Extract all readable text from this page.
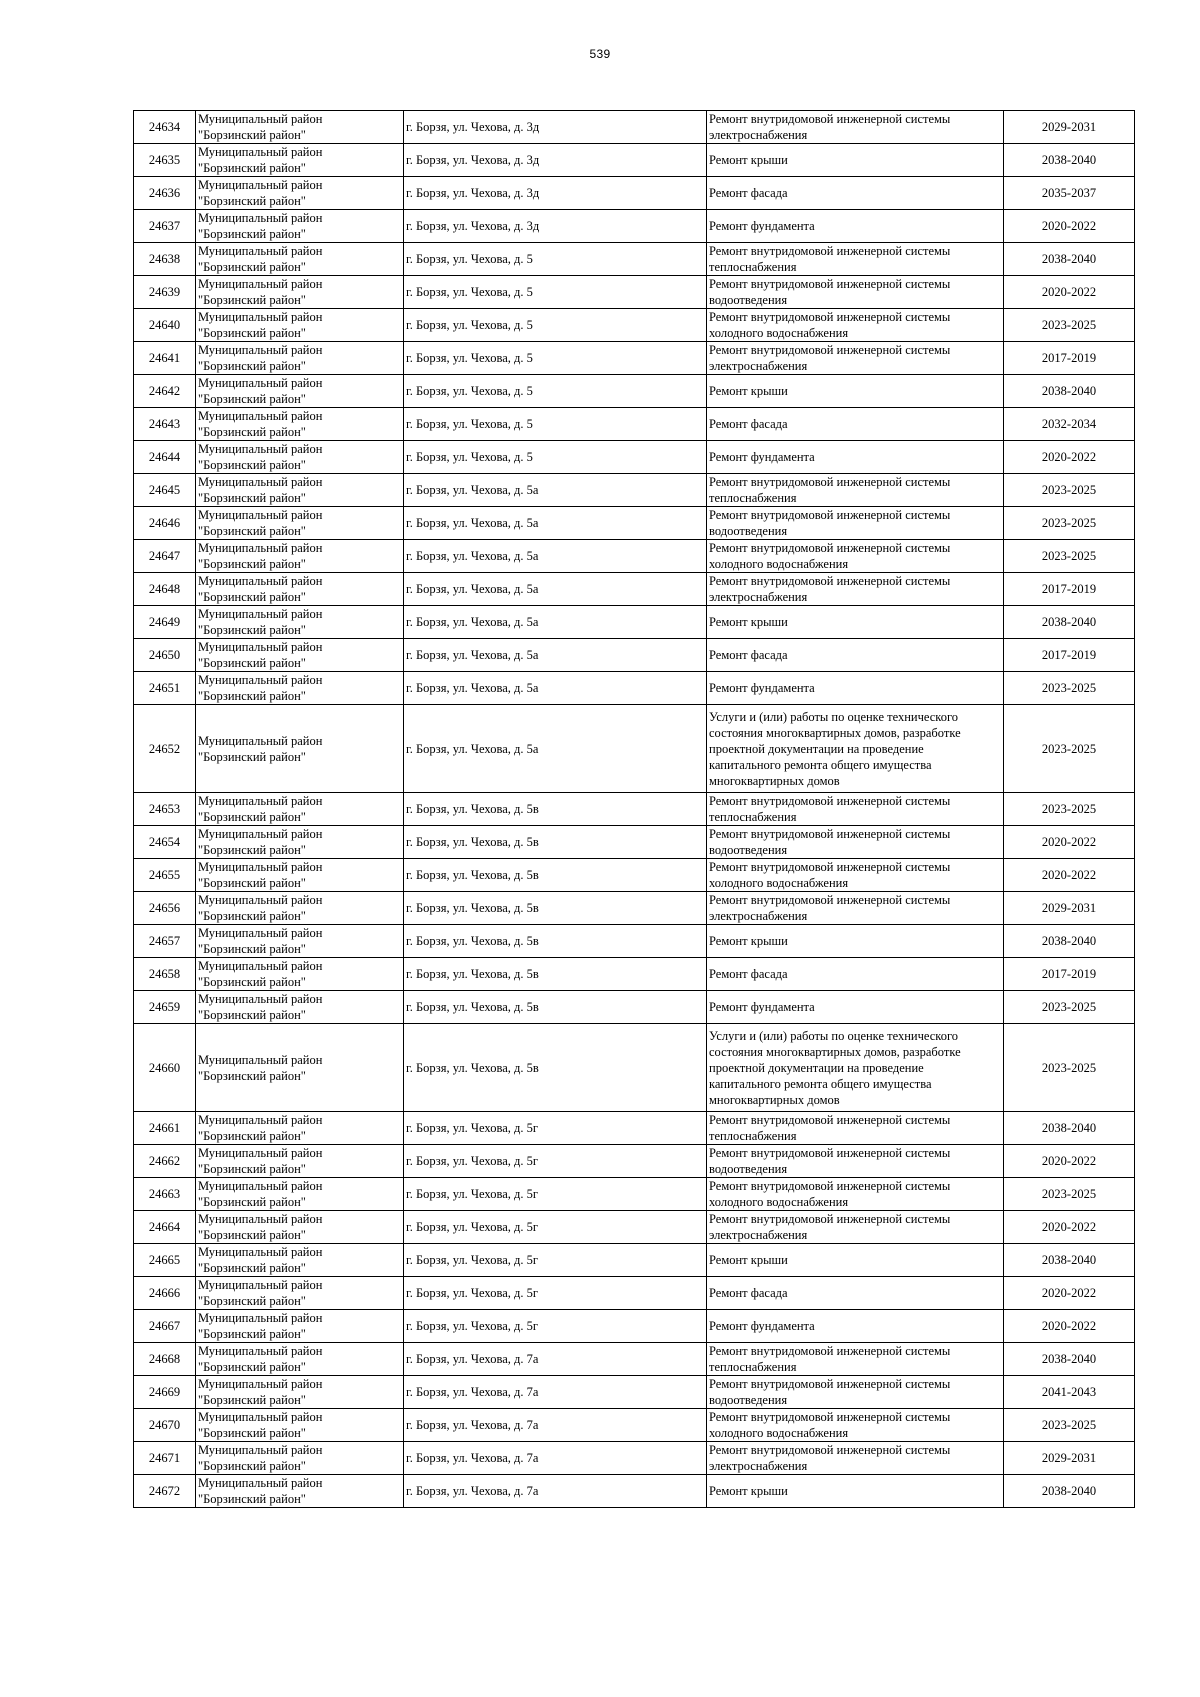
539
24634	Муниципальный район
"Борзинский район"	г. Борзя, ул. Чехова, д. 3д	Ремонт внутридомовой инженерной системы
электроснабжения	2029-2031
24635	Муниципальный район
"Борзинский район"	г. Борзя, ул. Чехова, д. 3д	Ремонт крыши	2038-2040
24636	Муниципальный район
"Борзинский район"	г. Борзя, ул. Чехова, д. 3д	Ремонт фасада	2035-2037
24637	Муниципальный район
"Борзинский район"	г. Борзя, ул. Чехова, д. 3д	Ремонт фундамента	2020-2022
24638	Муниципальный район
"Борзинский район"	г. Борзя, ул. Чехова, д. 5	Ремонт внутридомовой инженерной системы
теплоснабжения	2038-2040
24639	Муниципальный район
"Борзинский район"	г. Борзя, ул. Чехова, д. 5	Ремонт внутридомовой инженерной системы
водоотведения	2020-2022
24640	Муниципальный район
"Борзинский район"	г. Борзя, ул. Чехова, д. 5	Ремонт внутридомовой инженерной системы
холодного водоснабжения	2023-2025
24641	Муниципальный район
"Борзинский район"	г. Борзя, ул. Чехова, д. 5	Ремонт внутридомовой инженерной системы
электроснабжения	2017-2019
24642	Муниципальный район
"Борзинский район"	г. Борзя, ул. Чехова, д. 5	Ремонт крыши	2038-2040
24643	Муниципальный район
"Борзинский район"	г. Борзя, ул. Чехова, д. 5	Ремонт фасада	2032-2034
24644	Муниципальный район
"Борзинский район"	г. Борзя, ул. Чехова, д. 5	Ремонт фундамента	2020-2022
24645	Муниципальный район
"Борзинский район"	г. Борзя, ул. Чехова, д. 5а	Ремонт внутридомовой инженерной системы
теплоснабжения	2023-2025
24646	Муниципальный район
"Борзинский район"	г. Борзя, ул. Чехова, д. 5а	Ремонт внутридомовой инженерной системы
водоотведения	2023-2025
24647	Муниципальный район
"Борзинский район"	г. Борзя, ул. Чехова, д. 5а	Ремонт внутридомовой инженерной системы
холодного водоснабжения	2023-2025
24648	Муниципальный район
"Борзинский район"	г. Борзя, ул. Чехова, д. 5а	Ремонт внутридомовой инженерной системы
электроснабжения	2017-2019
24649	Муниципальный район
"Борзинский район"	г. Борзя, ул. Чехова, д. 5а	Ремонт крыши	2038-2040
24650	Муниципальный район
"Борзинский район"	г. Борзя, ул. Чехова, д. 5а	Ремонт фасада	2017-2019
24651	Муниципальный район
"Борзинский район"	г. Борзя, ул. Чехова, д. 5а	Ремонт фундамента	2023-2025
24652	Муниципальный район
"Борзинский район"	г. Борзя, ул. Чехова, д. 5а	Услуги и (или) работы по оценке технического
состояния многоквартирных домов, разработке
проектной документации на проведение
капитального ремонта общего имущества
многоквартирных домов	2023-2025
24653	Муниципальный район
"Борзинский район"	г. Борзя, ул. Чехова, д. 5в	Ремонт внутридомовой инженерной системы
теплоснабжения	2023-2025
24654	Муниципальный район
"Борзинский район"	г. Борзя, ул. Чехова, д. 5в	Ремонт внутридомовой инженерной системы
водоотведения	2020-2022
24655	Муниципальный район
"Борзинский район"	г. Борзя, ул. Чехова, д. 5в	Ремонт внутридомовой инженерной системы
холодного водоснабжения	2020-2022
24656	Муниципальный район
"Борзинский район"	г. Борзя, ул. Чехова, д. 5в	Ремонт внутридомовой инженерной системы
электроснабжения	2029-2031
24657	Муниципальный район
"Борзинский район"	г. Борзя, ул. Чехова, д. 5в	Ремонт крыши	2038-2040
24658	Муниципальный район
"Борзинский район"	г. Борзя, ул. Чехова, д. 5в	Ремонт фасада	2017-2019
24659	Муниципальный район
"Борзинский район"	г. Борзя, ул. Чехова, д. 5в	Ремонт фундамента	2023-2025
24660	Муниципальный район
"Борзинский район"	г. Борзя, ул. Чехова, д. 5в	Услуги и (или) работы по оценке технического
состояния многоквартирных домов, разработке
проектной документации на проведение
капитального ремонта общего имущества
многоквартирных домов	2023-2025
24661	Муниципальный район
"Борзинский район"	г. Борзя, ул. Чехова, д. 5г	Ремонт внутридомовой инженерной системы
теплоснабжения	2038-2040
24662	Муниципальный район
"Борзинский район"	г. Борзя, ул. Чехова, д. 5г	Ремонт внутридомовой инженерной системы
водоотведения	2020-2022
24663	Муниципальный район
"Борзинский район"	г. Борзя, ул. Чехова, д. 5г	Ремонт внутридомовой инженерной системы
холодного водоснабжения	2023-2025
24664	Муниципальный район
"Борзинский район"	г. Борзя, ул. Чехова, д. 5г	Ремонт внутридомовой инженерной системы
электроснабжения	2020-2022
24665	Муниципальный район
"Борзинский район"	г. Борзя, ул. Чехова, д. 5г	Ремонт крыши	2038-2040
24666	Муниципальный район
"Борзинский район"	г. Борзя, ул. Чехова, д. 5г	Ремонт фасада	2020-2022
24667	Муниципальный район
"Борзинский район"	г. Борзя, ул. Чехова, д. 5г	Ремонт фундамента	2020-2022
24668	Муниципальный район
"Борзинский район"	г. Борзя, ул. Чехова, д. 7а	Ремонт внутридомовой инженерной системы
теплоснабжения	2038-2040
24669	Муниципальный район
"Борзинский район"	г. Борзя, ул. Чехова, д. 7а	Ремонт внутридомовой инженерной системы
водоотведения	2041-2043
24670	Муниципальный район
"Борзинский район"	г. Борзя, ул. Чехова, д. 7а	Ремонт внутридомовой инженерной системы
холодного водоснабжения	2023-2025
24671	Муниципальный район
"Борзинский район"	г. Борзя, ул. Чехова, д. 7а	Ремонт внутридомовой инженерной системы
электроснабжения	2029-2031
24672	Муниципальный район
"Борзинский район"	г. Борзя, ул. Чехова, д. 7а	Ремонт крыши	2038-2040
